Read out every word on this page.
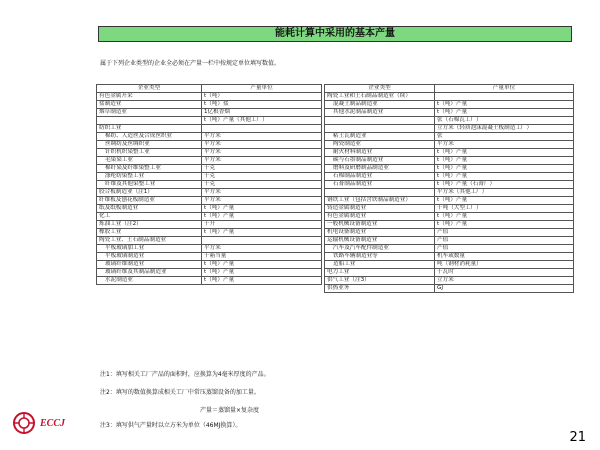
能耗计算中采用的基本产量
属于下列企业类型的企业全必须在产量一栏中按规定单位填写数值。
企业类型	产量单位
有色金属开采	t（吨）
盐制造业	t（吨）盐
烟草制造业	1亿根香烟
	t（吨）产量（其他工厂）
纺织工业	
棉纺、人造丝及合成丝织业	平方米
丝绸纺及丝绸织业	平方米
针织机织染整工业	平方米
毛染染工业	平方米
棉纤染及纤维染整工业	千克
涤纶纺染整工业	千克
纤维及其他染整工业	千克
胶合板制造业（注1）	平方米
纤维板及刨花板制造业	平方米
纸及纸板制造业	t（吨）产量
化工	t（吨）产量
炼油工业（注2）	千升
橡胶工业	t（吨）产量
陶瓷工业、土石制品制造业	
平板玻璃加工业	平方米
平板玻璃制造业	千箱当量
玻璃纤维制造业	t（吨）产量
玻璃纤维及其制品制造业	t（吨）产量
水泥制造业	t（吨）产量
企业类型	产量单位
陶瓷工业和土石制品制造业（续）	
混凝土制品制造业	t（吨）产量
其他水泥制品制造业	t（吨）产量
	张（石棉瓦工厂）
	立方米（轻质泡沫混凝土板制造工厂）
粘土瓦制造业	张
陶瓷制造业	平方米
耐火材料制造业	t（吨）产量
碳与石墨制品制造业	t（吨）产量
磨料及研磨制品制造业	t（吨）产量
石棉制品制造业	t（吨）产量
石膏制品制造业	t（吨）产量（石膏厂）
	平方米（其他工厂）
钢铁工业（包括含铁制品制造业）	t（吨）产量
铸造金属制造业	千吨（大型工厂）
有色金属制造业	t（吨）产量
一般机械设备制造业	t（吨）产量
机电设备制造业	产值
运输机械设备制造业	产值
汽车及汽车配件制造业	产值
铁路车辆制造业等	机车或数量
造船工业	吨（钢材消耗量）
电力工业	千瓦时
供气工业（注3）	立方米
供热业务	GJ
注1：填写相关工厂产品的面积时，应换算为4毫米厚度的产品。
注2：填写的数值换算成相关工厂中常压蒸馏设备的加工量。
产量＝蒸馏量×复杂度
注3：填写供气产量时以立方米为单位（46MJ换算）。
ECCJ
21
